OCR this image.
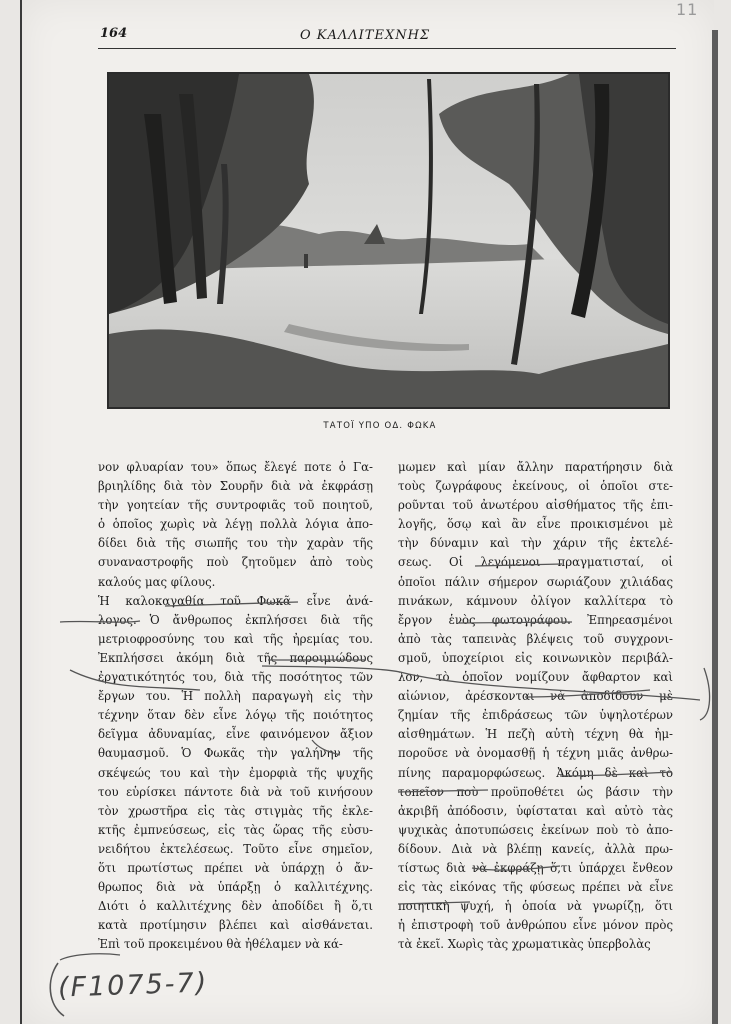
11
164	Ο ΚΑΛΛΙΤΕΧΝΗΣ
ΤΑΤΟΪ ΥΠΟ ΟΔ. ΦΩΚΑ
νον φλυαρίαν του» ὅπως ἔλεγέ ποτε ὁ Γα-
βριηλίδης διὰ τὸν Σουρῆν διὰ νὰ ἐκφράσῃ
τὴν γοητείαν τῆς συντροφιᾶς τοῦ ποιητοῦ,
ὁ ὁποῖος χωρὶς νὰ λέγῃ πολλὰ λόγια ἀπο-
δίδει διὰ τῆς σιωπῆς του τὴν χαρὰν τῆς
συναναστροφῆς ποὺ ζητοῦμεν ἀπὸ τοὺς
καλούς μας φίλους.
Ἡ καλοκαγαθία τοῦ Φωκᾶ εἶνε ἀνά-
λογος. Ὁ ἄνθρωπος ἐκπλήσσει διὰ τῆς
μετριοφροσύνης του καὶ τῆς ἠρεμίας του.
Ἐκπλήσσει ἀκόμη διὰ τῆς παροιμιώδους
ἐργατικότητός του, διὰ τῆς ποσότητος τῶν
ἔργων του. Ἡ πολλὴ παραγωγὴ εἰς τὴν
τέχνην ὅταν δὲν εἶνε λόγῳ τῆς ποιότητος
δεῖγμα ἀδυναμίας, εἶνε φαινόμενον ἄξιον
θαυμασμοῦ. Ὁ Φωκᾶς τὴν γαλήνην τῆς
σκέψεώς του καὶ τὴν ἐμορφιὰ τῆς ψυχῆς
του εὑρίσκει πάντοτε διὰ νὰ τοῦ κινήσουν
τὸν χρωστῆρα εἰς τὰς στιγμὰς τῆς ἐκλε-
κτῆς ἐμπνεύσεως, εἰς τὰς ὥρας τῆς εὐσυ-
νειδήτου ἐκτελέσεως. Τοῦτο εἶνε σημεῖον,
ὅτι πρωτίστως πρέπει νὰ ὑπάρχῃ ὁ ἄν-
θρωπος διὰ νὰ ὑπάρξῃ ὁ καλλιτέχνης.
Διότι ὁ καλλιτέχνης δὲν ἀποδίδει ἢ ὅ,τι
κατὰ προτίμησιν βλέπει καὶ αἰσθάνεται.
Ἐπὶ τοῦ προκειμένου θὰ ἠθέλαμεν νὰ κά-
μωμεν καὶ μίαν ἄλλην παρατήρησιν διὰ
τοὺς ζωγράφους ἐκείνους, οἱ ὁποῖοι στε-
ροῦνται τοῦ ἀνωτέρου αἰσθήματος τῆς ἐπι-
λογῆς, ὅσῳ καὶ ἂν εἶνε προικισμένοι μὲ
τὴν δύναμιν καὶ τὴν χάριν τῆς ἐκτελέ-
σεως. Οἱ λεγόμενοι πραγματισταί, οἱ
ὁποῖοι πάλιν σήμερον σωριάζουν χιλιάδας
πινάκων, κάμνουν ὀλίγον καλλίτερα τὸ
ἔργον ἑνὸς φωτογράφου. Ἐπηρεασμένοι
ἀπὸ τὰς ταπεινὰς βλέψεις τοῦ συγχρονι-
σμοῦ, ὑποχείριοι εἰς κοινωνικὸν περιβάλ-
λον, τὸ ὁποῖον νομίζουν ἄφθαρτον καὶ
αἰώνιον, ἀρέσκονται νὰ ἀποδίδουν μὲ
ζημίαν τῆς ἐπιδράσεως τῶν ὑψηλοτέρων
αἰσθημάτων. Ἡ πεζὴ αὐτὴ τέχνη θὰ ἠμ-
ποροῦσε νὰ ὀνομασθῇ ἡ τέχνη μιᾶς ἀνθρω-
πίνης παραμορφώσεως. Ἀκόμη δὲ καὶ τὸ
τοπεῖον ποὺ προϋποθέτει ὡς βάσιν τὴν
ἀκριβῆ ἀπόδοσιν, ὑφίσταται καὶ αὐτὸ τὰς
ψυχικὰς ἀποτυπώσεις ἐκείνων ποὺ τὸ ἀπο-
δίδουν. Διὰ νὰ βλέπῃ κανείς, ἀλλὰ πρω-
τίστως διὰ νὰ ἐκφράζῃ ὅ,τι ὑπάρχει ἔνθεον
εἰς τὰς εἰκόνας τῆς φύσεως πρέπει νὰ εἶνε
ποιητικὴ ψυχή, ἡ ὁποία νὰ γνωρίζῃ, ὅτι
ἡ ἐπιστροφὴ τοῦ ἀνθρώπου εἶνε μόνον πρὸς
τὰ ἐκεῖ. Χωρὶς τὰς χρωματικὰς ὑπερβολὰς
(F1075-7)
